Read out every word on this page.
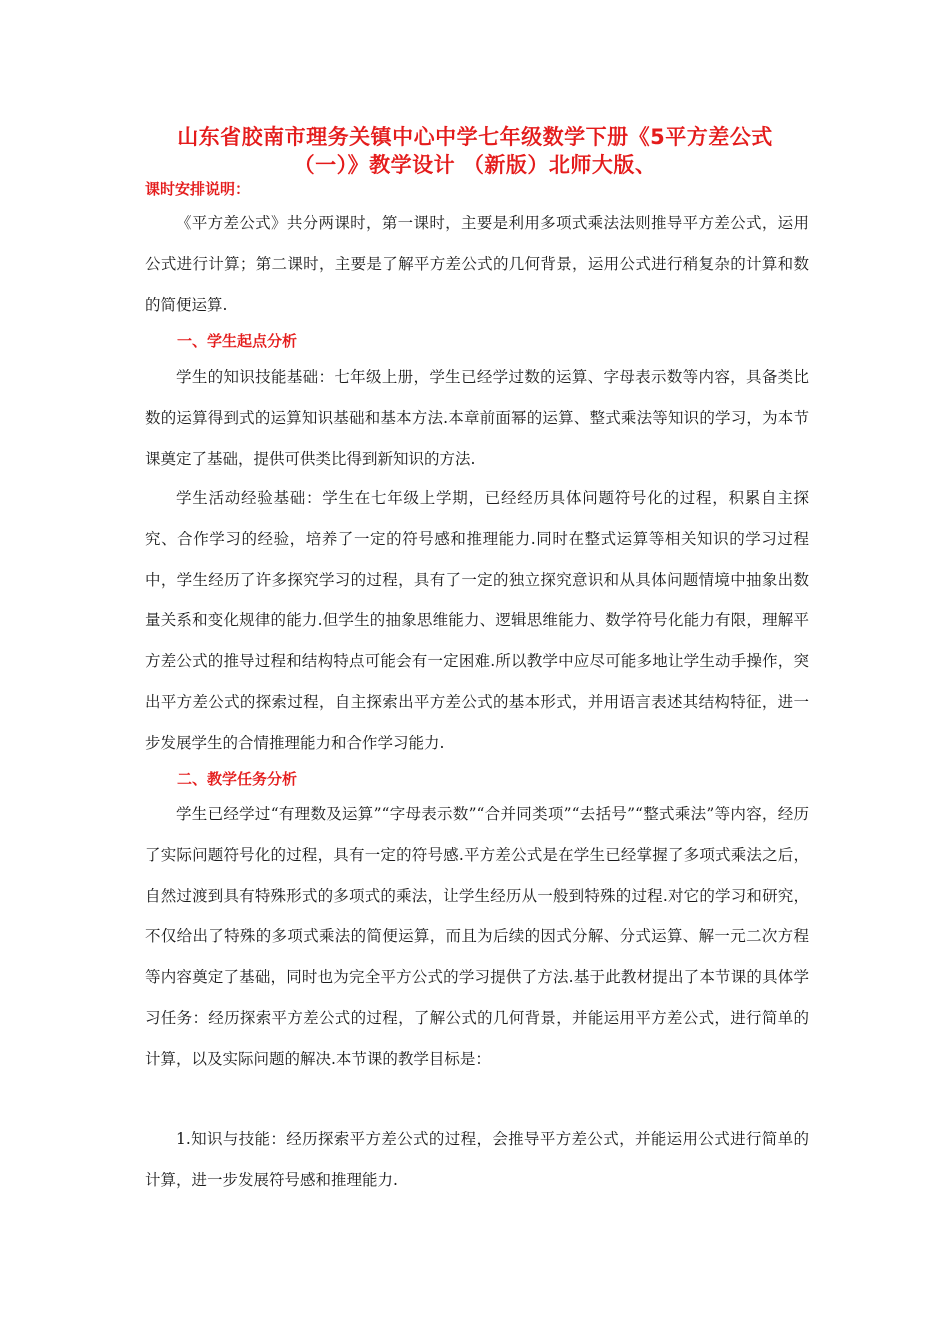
山东省胶南市理务关镇中心中学七年级数学下册《5平方差公式
（一）》教学设计 （新版）北师大版、
课时安排说明：

《平方差公式》共分两课时，第一课时，主要是利用多项式乘法法则推导平方差公式，运用公式进行计算；第二课时，主要是了解平方差公式的几何背景，运用公式进行稍复杂的计算和数的简便运算.

一、学生起点分析

学生的知识技能基础：七年级上册，学生已经学过数的运算、字母表示数等内容，具备类比数的运算得到式的运算知识基础和基本方法.本章前面幂的运算、整式乘法等知识的学习，为本节课奠定了基础，提供可供类比得到新知识的方法.

学生活动经验基础：学生在七年级上学期，已经经历具体问题符号化的过程，积累自主探究、合作学习的经验，培养了一定的符号感和推理能力.同时在整式运算等相关知识的学习过程中，学生经历了许多探究学习的过程，具有了一定的独立探究意识和从具体问题情境中抽象出数量关系和变化规律的能力.但学生的抽象思维能力、逻辑思维能力、数学符号化能力有限，理解平方差公式的推导过程和结构特点可能会有一定困难.所以教学中应尽可能多地让学生动手操作，突出平方差公式的探索过程，自主探索出平方差公式的基本形式，并用语言表述其结构特征，进一步发展学生的合情推理能力和合作学习能力.

二、教学任务分析

学生已经学过“有理数及运算”“字母表示数”“合并同类项”“去括号”“整式乘法”等内容，经历了实际问题符号化的过程，具有一定的符号感.平方差公式是在学生已经掌握了多项式乘法之后，自然过渡到具有特殊形式的多项式的乘法，让学生经历从一般到特殊的过程.对它的学习和研究，不仅给出了特殊的多项式乘法的简便运算，而且为后续的因式分解、分式运算、解一元二次方程等内容奠定了基础，同时也为完全平方公式的学习提供了方法.基于此教材提出了本节课的具体学习任务：经历探索平方差公式的过程，了解公式的几何背景，并能运用平方差公式，进行简单的计算，以及实际问题的解决.本节课的教学目标是：

1.知识与技能：经历探索平方差公式的过程，会推导平方差公式，并能运用公式进行简单的计算，进一步发展符号感和推理能力.
